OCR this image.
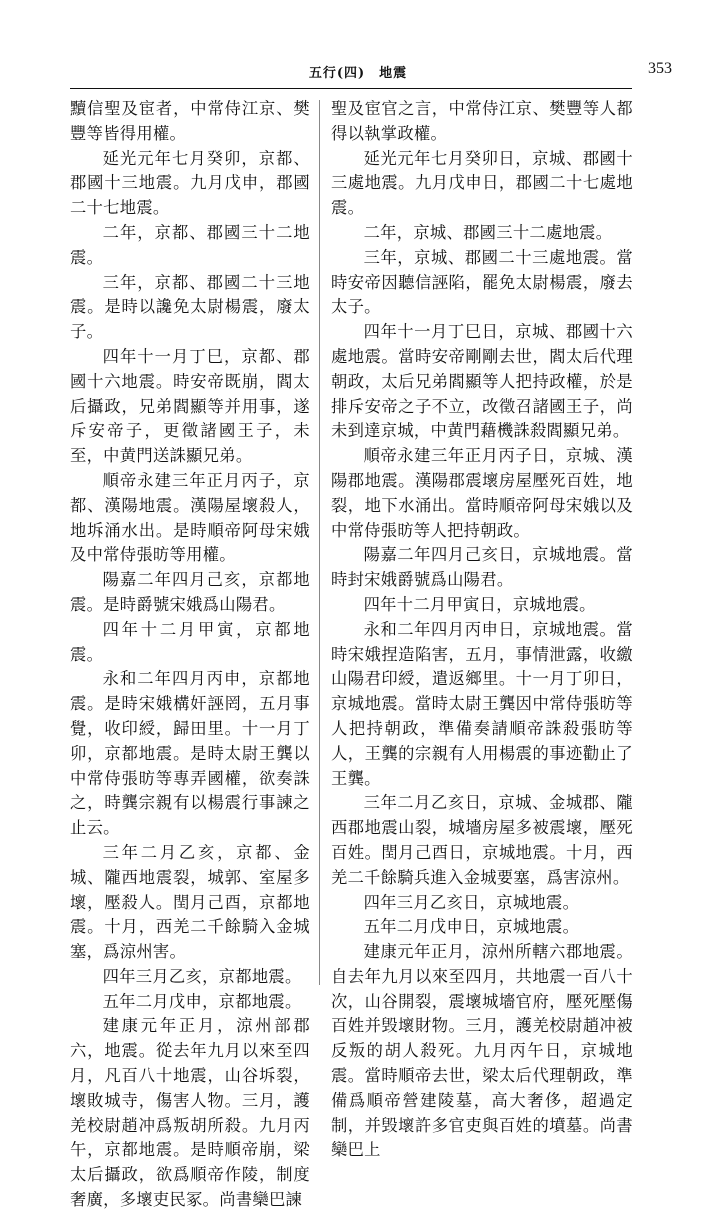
五行(四)　地震	353

黷信聖及宦者，中常侍江京、樊豐等皆得用權。

延光元年七月癸卯，京都、郡國十三地震。九月戊申，郡國二十七地震。

二年，京都、郡國三十二地震。

三年，京都、郡國二十三地震。是時以讒免太尉楊震，廢太子。

四年十一月丁巳，京都、郡國十六地震。時安帝既崩，閻太后攝政，兄弟閻顯等并用事，遂斥安帝子，更徵諸國王子，未至，中黄門送誅顯兄弟。

順帝永建三年正月丙子，京都、漢陽地震。漢陽屋壞殺人，地坼涌水出。是時順帝阿母宋娥及中常侍張昉等用權。

陽嘉二年四月己亥，京都地震。是時爵號宋娥爲山陽君。

四年十二月甲寅，京都地震。

永和二年四月丙申，京都地震。是時宋娥構奸誣罔，五月事覺，收印綬，歸田里。十一月丁卯，京都地震。是時太尉王龔以中常侍張昉等專弄國權，欲奏誅之，時龔宗親有以楊震行事諫之止云。

三年二月乙亥，京都、金城、隴西地震裂，城郭、室屋多壞，壓殺人。閏月己酉，京都地震。十月，西羌二千餘騎入金城塞，爲涼州害。

四年三月乙亥，京都地震。

五年二月戊申，京都地震。

建康元年正月，涼州部郡六，地震。從去年九月以來至四月，凡百八十地震，山谷坼裂，壞敗城寺，傷害人物。三月，護羌校尉趙冲爲叛胡所殺。九月丙午，京都地震。是時順帝崩，梁太后攝政，欲爲順帝作陵，制度奢廣，多壞吏民冢。尚書欒巴諫

聖及宦官之言，中常侍江京、樊豐等人都得以執掌政權。

延光元年七月癸卯日，京城、郡國十三處地震。九月戊申日，郡國二十七處地震。

二年，京城、郡國三十二處地震。

三年，京城、郡國二十三處地震。當時安帝因聽信誣陷，罷免太尉楊震，廢去太子。

四年十一月丁巳日，京城、郡國十六處地震。當時安帝剛剛去世，閻太后代理朝政，太后兄弟閻顯等人把持政權，於是排斥安帝之子不立，改徵召諸國王子，尚未到達京城，中黄門藉機誅殺閻顯兄弟。

順帝永建三年正月丙子日，京城、漢陽郡地震。漢陽郡震壞房屋壓死百姓，地裂，地下水涌出。當時順帝阿母宋娥以及中常侍張昉等人把持朝政。

陽嘉二年四月己亥日，京城地震。當時封宋娥爵號爲山陽君。

四年十二月甲寅日，京城地震。

永和二年四月丙申日，京城地震。當時宋娥捏造陷害，五月，事情泄露，收繳山陽君印綬，遣返鄉里。十一月丁卯日，京城地震。當時太尉王龔因中常侍張昉等人把持朝政，準備奏請順帝誅殺張昉等人，王龔的宗親有人用楊震的事迹勸止了王龔。

三年二月乙亥日，京城、金城郡、隴西郡地震山裂，城墻房屋多被震壞，壓死百姓。閏月己酉日，京城地震。十月，西羌二千餘騎兵進入金城要塞，爲害涼州。

四年三月乙亥日，京城地震。

五年二月戊申日，京城地震。

建康元年正月，涼州所轄六郡地震。自去年九月以來至四月，共地震一百八十次，山谷開裂，震壞城墻官府，壓死壓傷百姓并毁壞財物。三月，護羌校尉趙冲被反叛的胡人殺死。九月丙午日，京城地震。當時順帝去世，梁太后代理朝政，準備爲順帝營建陵墓，高大奢侈，超過定制，并毁壞許多官吏與百姓的墳墓。尚書欒巴上
